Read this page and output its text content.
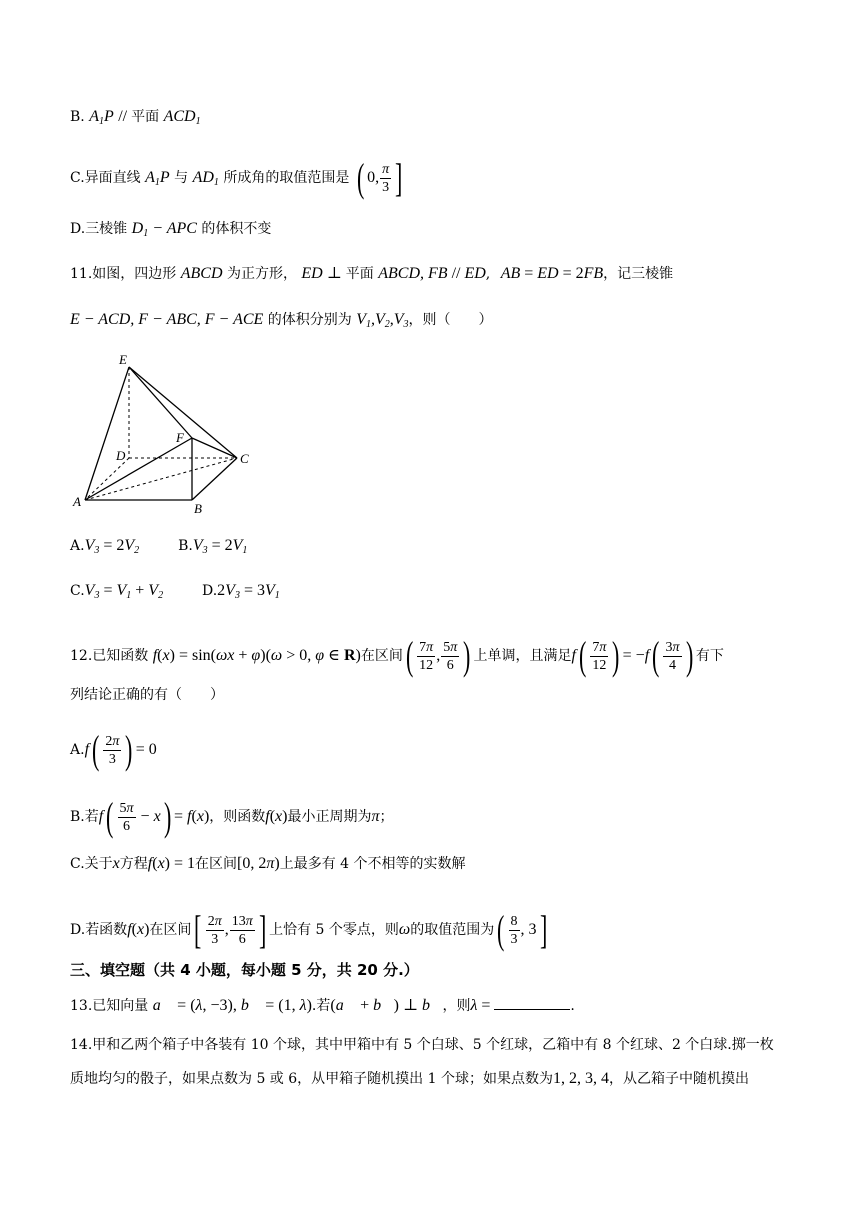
B. $A_1P$ // 平面 $ACD_1$
C.异面直线 $A_1P$ 与 $AD_1$ 所成角的取值范围是 ( 0, $\frac{\pi}{3}$ ]
D.三棱锥 $D_1$ − APC 的体积不变
11.如图，四边形 ABCD 为正方形， ED ⊥ 平面 ABCD, FB // ED, AB = ED = 2FB，记三棱锥
E − ACD, F − ABC, F − ACE 的体积分别为 $V_1,V_2,V_3$，则（　　）
E
D
F
C
A	B
$A.V_3 = 2V_2$	$B.V_3 = 2V_1$
$C.V_3 = V_1 + V_2$	$D.2V_3 = 3V_1$
12.已知函数 f(x) = sin(ωx + φ)(ω > 0, φ ∈ R)在区间( $\frac{7\pi}{12}$ , $\frac{5\pi}{6}$ ) 上单调，且满足$f( \frac{7\pi}{12}$ ) = $-f( \frac{3\pi}{4}$ ) 有下
列结论正确的有（　　）
$A.f( \frac{2\pi}{3}$ ) = 0
B.若$f( \frac{5\pi}{6} - x) = f(x)$，则函数f(x)最小正周期为π；
C.关于x方程f(x) = 1在区间[0, 2π)上最多有 4 个不相等的实数解
D.若函数f(x)在区间[ $\frac{2\pi}{3}$ , $\frac{13\pi}{6}$ ] 上恰有 5 个零点，则ω的取值范围为( $\frac{8}{3}$ , 3]
三、填空题（共 4 小题，每小题 5 分，共 20 分.）
13.已知向量 a⃗ = (λ, −3), b⃗ = (1, λ).若(a⃗ + b⃗) ⊥ b⃗，则λ =	.
14.甲和乙两个箱子中各装有 10 个球，其中甲箱中有 5 个白球、5 个红球，乙箱中有 8 个红球、2 个白球.掷一枚
质地均匀的骰子，如果点数为 5 或 6，从甲箱子随机摸出 1 个球；如果点数为1, 2, 3, 4，从乙箱子中随机摸出
